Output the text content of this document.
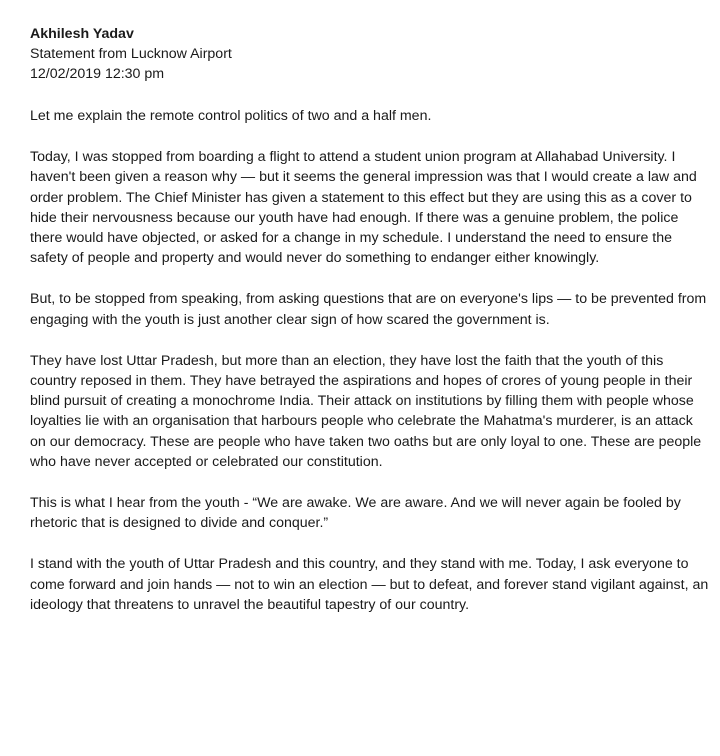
Akhilesh Yadav

Statement from Lucknow Airport

12/02/2019 12:30 pm

Let me explain the remote control politics of two and a half men.

Today, I was stopped from boarding a flight to attend a student union program at Allahabad University. I haven't been given a reason why — but it seems the general impression was that I would create a law and order problem. The Chief Minister has given a statement to this effect but they are using this as a cover to hide their nervousness because our youth have had enough. If there was a genuine problem, the police there would have objected, or asked for a change in my schedule. I understand the need to ensure the safety of people and property and would never do something to endanger either knowingly.

But, to be stopped from speaking, from asking questions that are on everyone's lips — to be prevented from engaging with the youth is just another clear sign of how scared the government is.

They have lost Uttar Pradesh, but more than an election, they have lost the faith that the youth of this country reposed in them. They have betrayed the aspirations and hopes of crores of young people in their blind pursuit of creating a monochrome India. Their attack on institutions by filling them with people whose loyalties lie with an organisation that harbours people who celebrate the Mahatma's murderer, is an attack on our democracy. These are people who have taken two oaths but are only loyal to one. These are people who have never accepted or celebrated our constitution.

This is what I hear from the youth - “We are awake. We are aware. And we will never again be fooled by rhetoric that is designed to divide and conquer.”

I stand with the youth of Uttar Pradesh and this country, and they stand with me. Today, I ask everyone to come forward and join hands — not to win an election — but to defeat, and forever stand vigilant against, an ideology that threatens to unravel the beautiful tapestry of our country.
